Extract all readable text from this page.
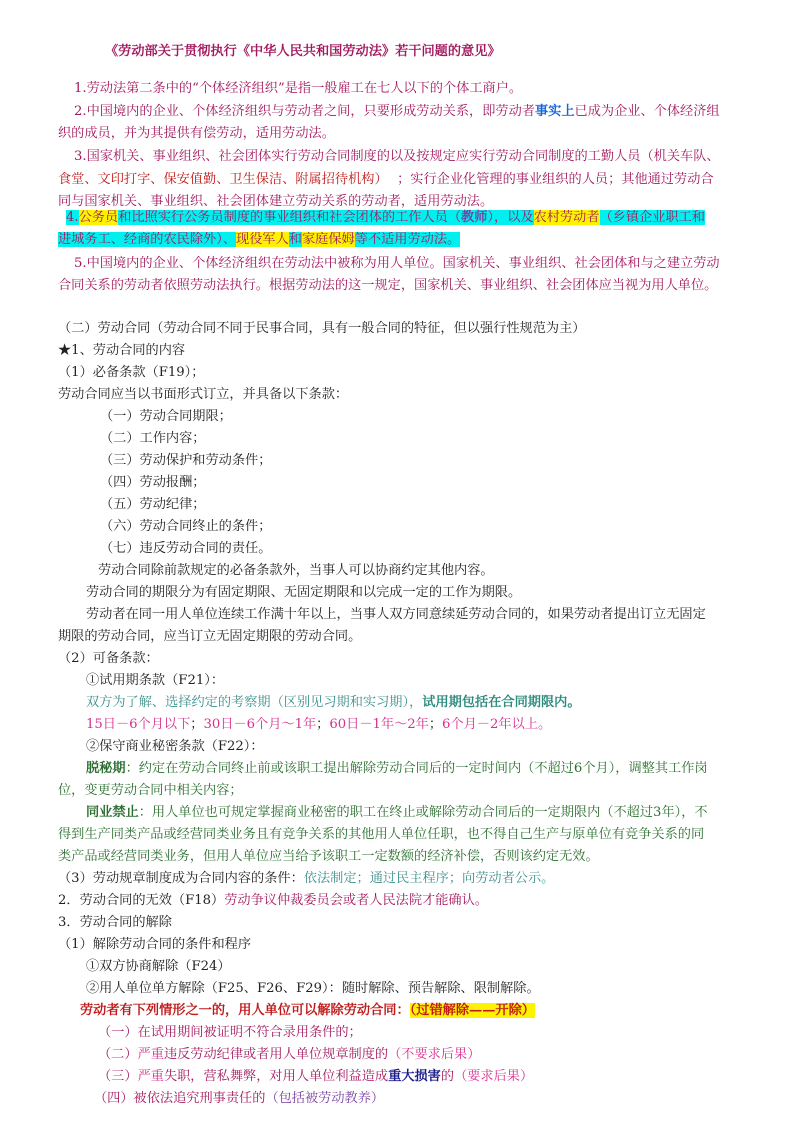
《劳动部关于贯彻执行《中华人民共和国劳动法》若干问题的意见》
1.劳动法第二条中的“个体经济组织”是指一般雇工在七人以下的个体工商户。
2.中国境内的企业、个体经济组织与劳动者之间，只要形成劳动关系，即劳动者事实上已成为企业、个体经济组
织的成员，并为其提供有偿劳动，适用劳动法。
3.国家机关、事业组织、社会团体实行劳动合同制度的以及按规定应实行劳动合同制度的工勤人员（机关车队、
食堂、文印打字、保安值勤、卫生保洁、附属招待机构） ；实行企业化管理的事业组织的人员；其他通过劳动合
同与国家机关、事业组织、社会团体建立劳动关系的劳动者，适用劳动法。
4.公务员和比照实行公务员制度的事业组织和社会团体的工作人员（教师），以及农村劳动者（乡镇企业职工和
进城务工、经商的农民除外）、现役军人和家庭保姆等不适用劳动法。
5.中国境内的企业、个体经济组织在劳动法中被称为用人单位。国家机关、事业组织、社会团体和与之建立劳动
合同关系的劳动者依照劳动法执行。根据劳动法的这一规定，国家机关、事业组织、社会团体应当视为用人单位。
（二）劳动合同（劳动合同不同于民事合同，具有一般合同的特征，但以强行性规范为主）
★1、劳动合同的内容
（1）必备条款（F19）；
劳动合同应当以书面形式订立，并具备以下条款：
（一）劳动合同期限；
（二）工作内容；
（三）劳动保护和劳动条件；
（四）劳动报酬；
（五）劳动纪律；
（六）劳动合同终止的条件；
（七）违反劳动合同的责任。
劳动合同除前款规定的必备条款外，当事人可以协商约定其他内容。
劳动合同的期限分为有固定期限、无固定期限和以完成一定的工作为期限。
劳动者在同一用人单位连续工作满十年以上，当事人双方同意续延劳动合同的，如果劳动者提出订立无固定
期限的劳动合同，应当订立无固定期限的劳动合同。
（2）可备条款：
①试用期条款（F21）：
双方为了解、选择约定的考察期（区别见习期和实习期），试用期包括在合同期限内。
15日－6个月以下；30日－6个月～1年；60日－1年～2年；6个月－2年以上。
②保守商业秘密条款（F22）：
脱秘期：约定在劳动合同终止前或该职工提出解除劳动合同后的一定时间内（不超过6个月），调整其工作岗
位，变更劳动合同中相关内容；
同业禁止：用人单位也可规定掌握商业秘密的职工在终止或解除劳动合同后的一定期限内（不超过3年），不
得到生产同类产品或经营同类业务且有竞争关系的其他用人单位任职，也不得自己生产与原单位有竞争关系的同
类产品或经营同类业务，但用人单位应当给予该职工一定数额的经济补偿，否则该约定无效。
（3）劳动规章制度成为合同内容的条件：依法制定；通过民主程序；向劳动者公示。
2．劳动合同的无效（F18）劳动争议仲裁委员会或者人民法院才能确认。
3．劳动合同的解除
（1）解除劳动合同的条件和程序
①双方协商解除（F24）
②用人单位单方解除（F25、F26、F29）：随时解除、预告解除、限制解除。
劳动者有下列情形之一的，用人单位可以解除劳动合同：（过错解除——开除）
（一）在试用期间被证明不符合录用条件的；
（二）严重违反劳动纪律或者用人单位规章制度的（不要求后果）
（三）严重失职，营私舞弊，对用人单位利益造成重大损害的（要求后果）
（四）被依法追究刑事责任的（包括被劳动教养）
